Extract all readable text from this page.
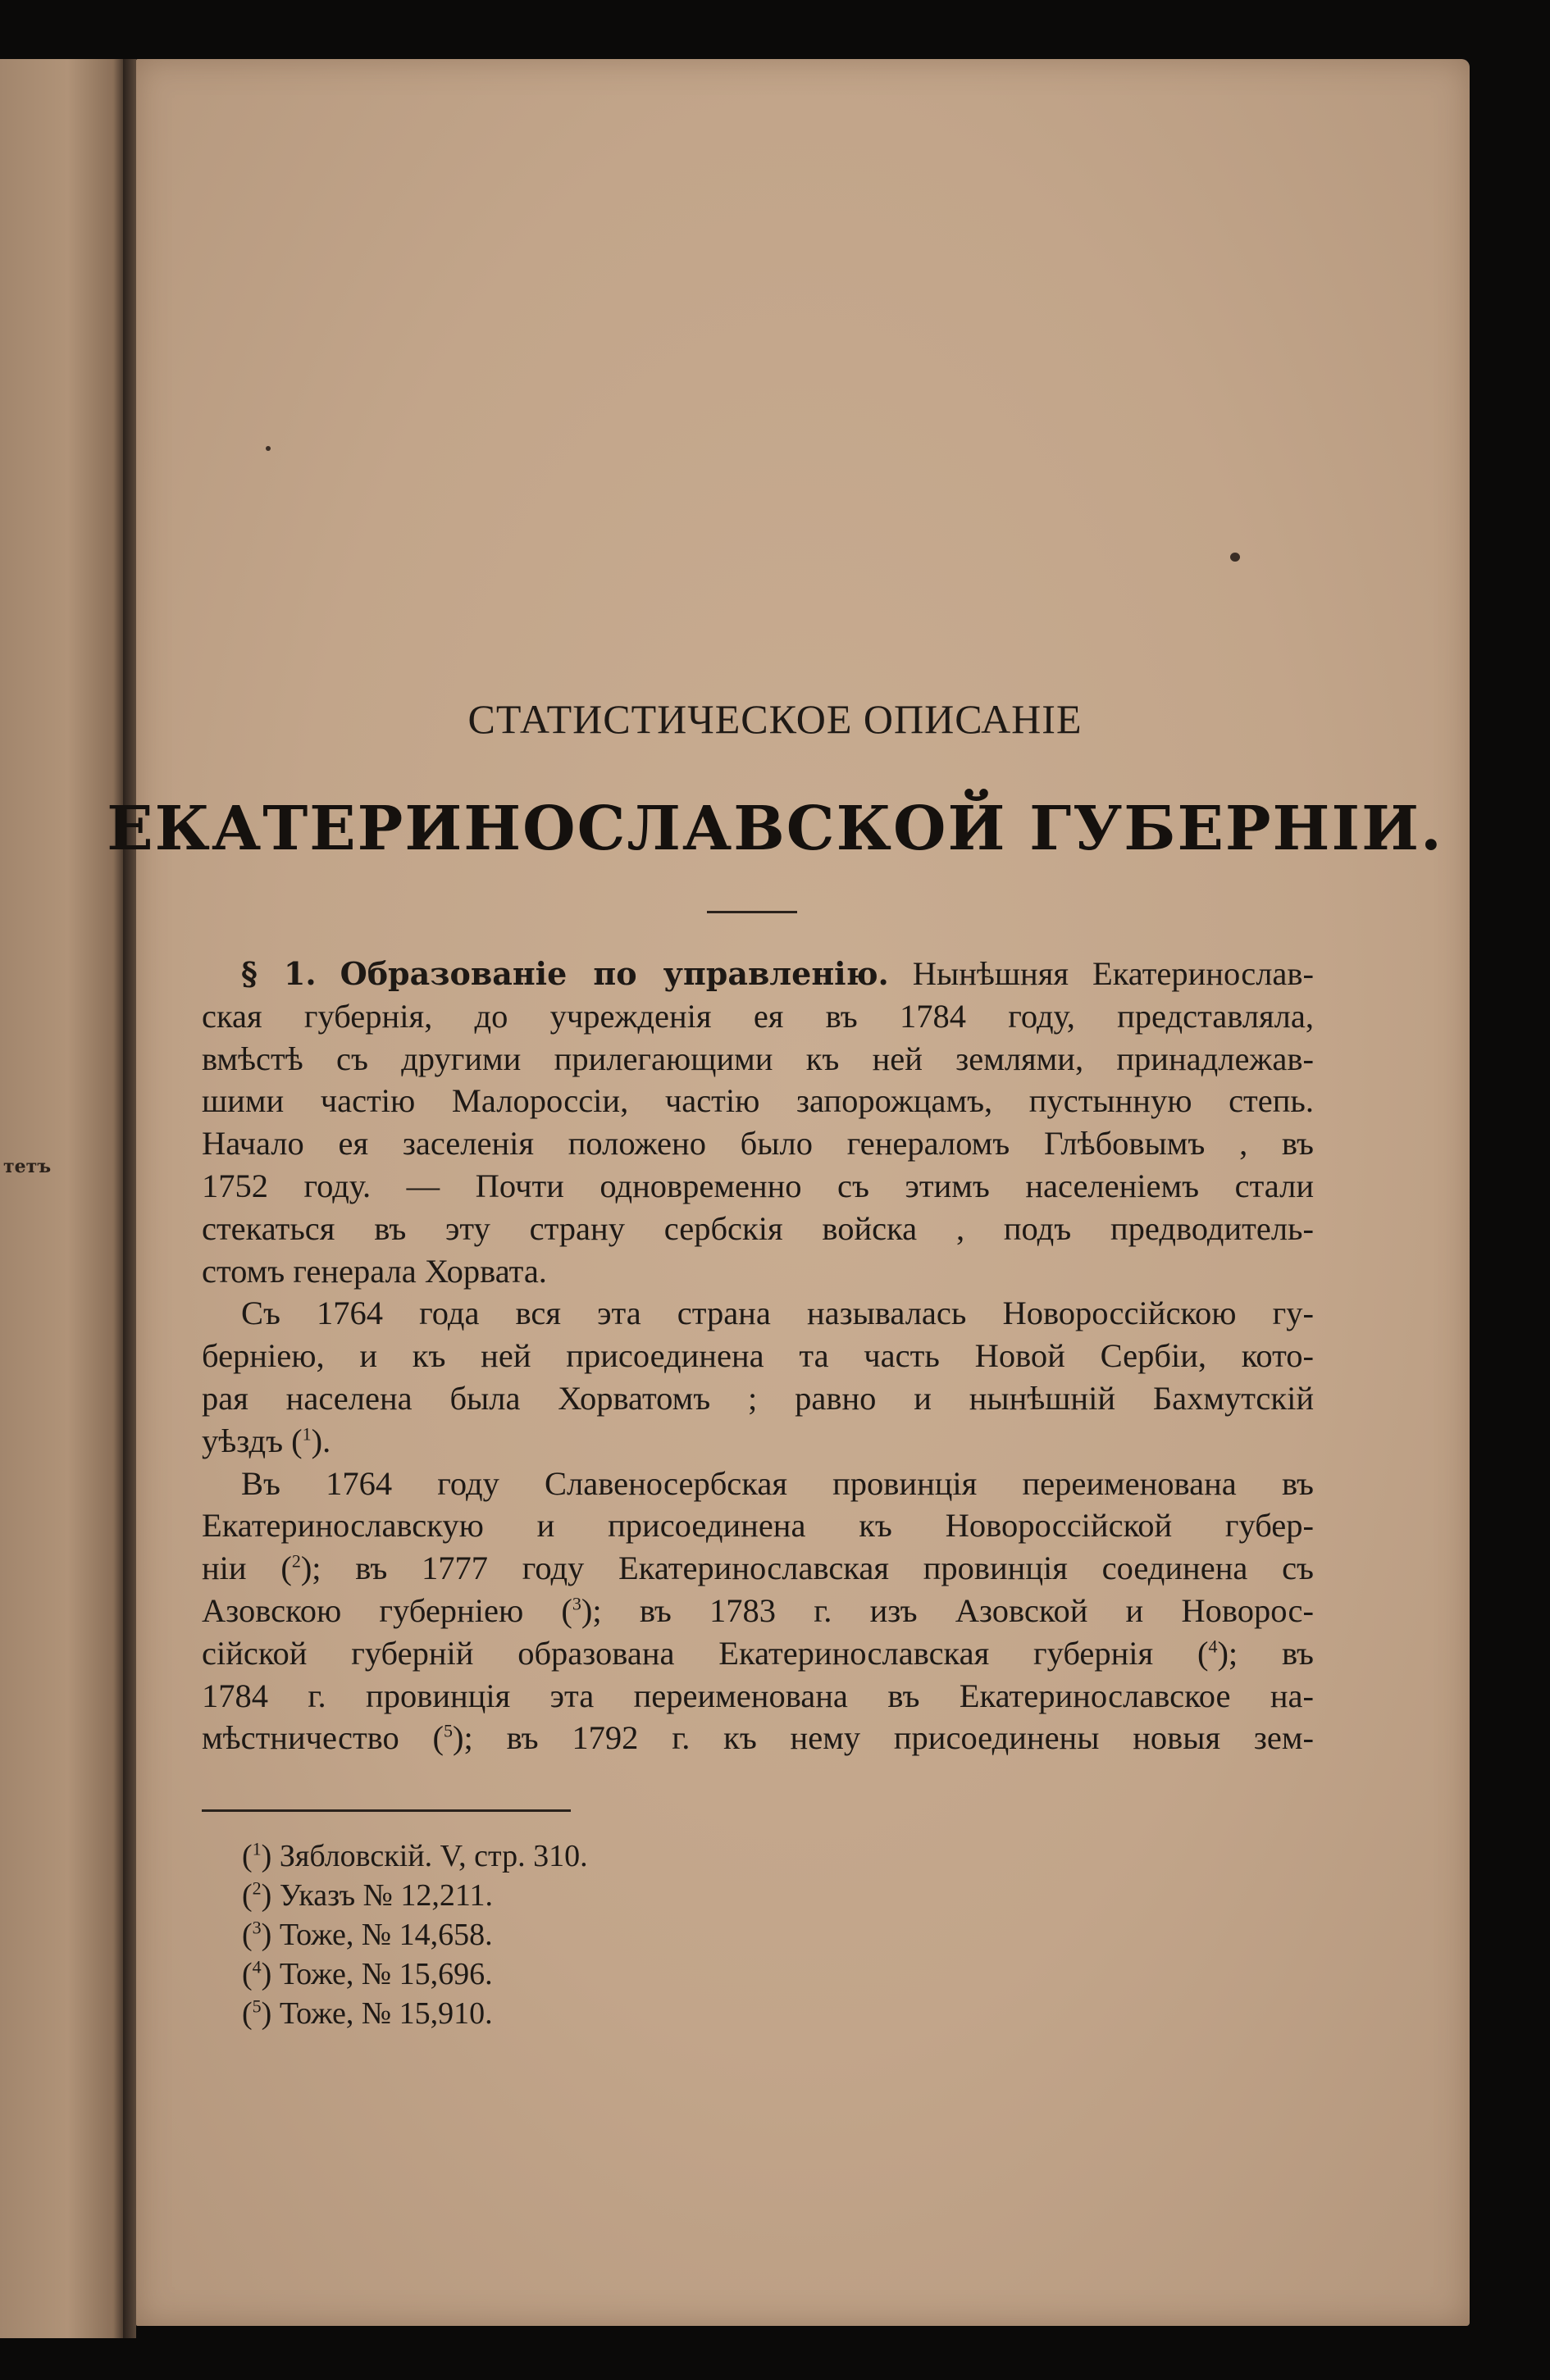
тетъ
СТАТИСТИЧЕСКОЕ ОПИСАНІЕ
ЕКАТЕРИНОСЛАВСКОЙ ГУБЕРНІИ.
§ 1. Образованіе по управленію. Нынѣшняя Екатеринослав-
ская губернія, до учрежденія ея въ 1784 году, представляла,
вмѣстѣ съ другими прилегающими къ ней землями, принадлежав-
шими частію Малороссіи, частію запорожцамъ, пустынную степь.
Начало ея заселенія положено было генераломъ Глѣбовымъ , въ
1752 году. — Почти одновременно съ этимъ населеніемъ стали
стекаться въ эту страну сербскія войска , подъ предводитель-
стомъ генерала Хорвата.
Съ 1764 года вся эта страна называлась Новороссійскою гу-
берніею, и къ ней присоединена та часть Новой Сербіи, кото-
рая населена была Хорватомъ ; равно и нынѣшній Бахмутскій
уѣздъ ($^1$).
Въ 1764 году Славеносербская провинція переименована въ
Екатеринославскую и присоединена къ Новороссійской губер-
ніи ($^2$); въ 1777 году Екатеринославская провинція соединена съ
Азовскою губерніею ($^3$); въ 1783 г. изъ Азовской и Новорос-
сійской губерній образована Екатеринославская губернія ($^4$); въ
1784 г. провинція эта переименована въ Екатеринославское на-
мѣстничество ($^5$); въ 1792 г. къ нему присоединены новыя зем-
($^1$) Зябловскій. V, стр. 310.
($^2$) Указъ № 12,211.
($^3$) Тоже, № 14,658.
($^4$) Тоже, № 15,696.
($^5$) Тоже, № 15,910.
